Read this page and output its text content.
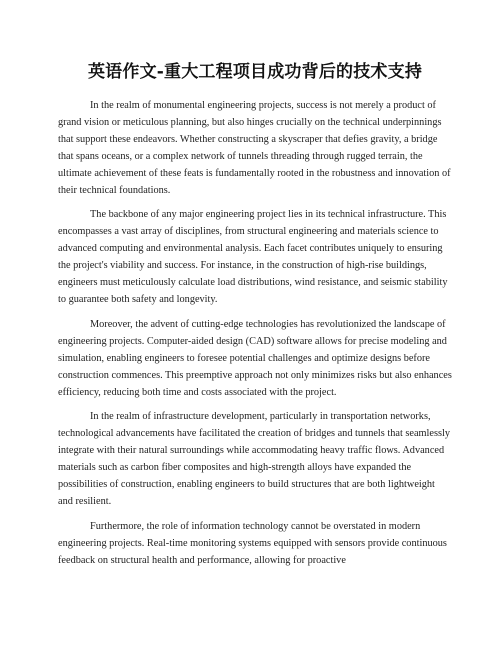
英语作文-重大工程项目成功背后的技术支持

In the realm of monumental engineering projects, success is not merely a product of grand vision or meticulous planning, but also hinges crucially on the technical underpinnings that support these endeavors. Whether constructing a skyscraper that defies gravity, a bridge that spans oceans, or a complex network of tunnels threading through rugged terrain, the ultimate achievement of these feats is fundamentally rooted in the robustness and innovation of their technical foundations.

The backbone of any major engineering project lies in its technical infrastructure. This encompasses a vast array of disciplines, from structural engineering and materials science to advanced computing and environmental analysis. Each facet contributes uniquely to ensuring the project's viability and success. For instance, in the construction of high-rise buildings, engineers must meticulously calculate load distributions, wind resistance, and seismic stability to guarantee both safety and longevity.

Moreover, the advent of cutting-edge technologies has revolutionized the landscape of engineering projects. Computer-aided design (CAD) software allows for precise modeling and simulation, enabling engineers to foresee potential challenges and optimize designs before construction commences. This preemptive approach not only minimizes risks but also enhances efficiency, reducing both time and costs associated with the project.

In the realm of infrastructure development, particularly in transportation networks, technological advancements have facilitated the creation of bridges and tunnels that seamlessly integrate with their natural surroundings while accommodating heavy traffic flows. Advanced materials such as carbon fiber composites and high-strength alloys have expanded the possibilities of construction, enabling engineers to build structures that are both lightweight and resilient.

Furthermore, the role of information technology cannot be overstated in modern engineering projects. Real-time monitoring systems equipped with sensors provide continuous feedback on structural health and performance, allowing for proactive
